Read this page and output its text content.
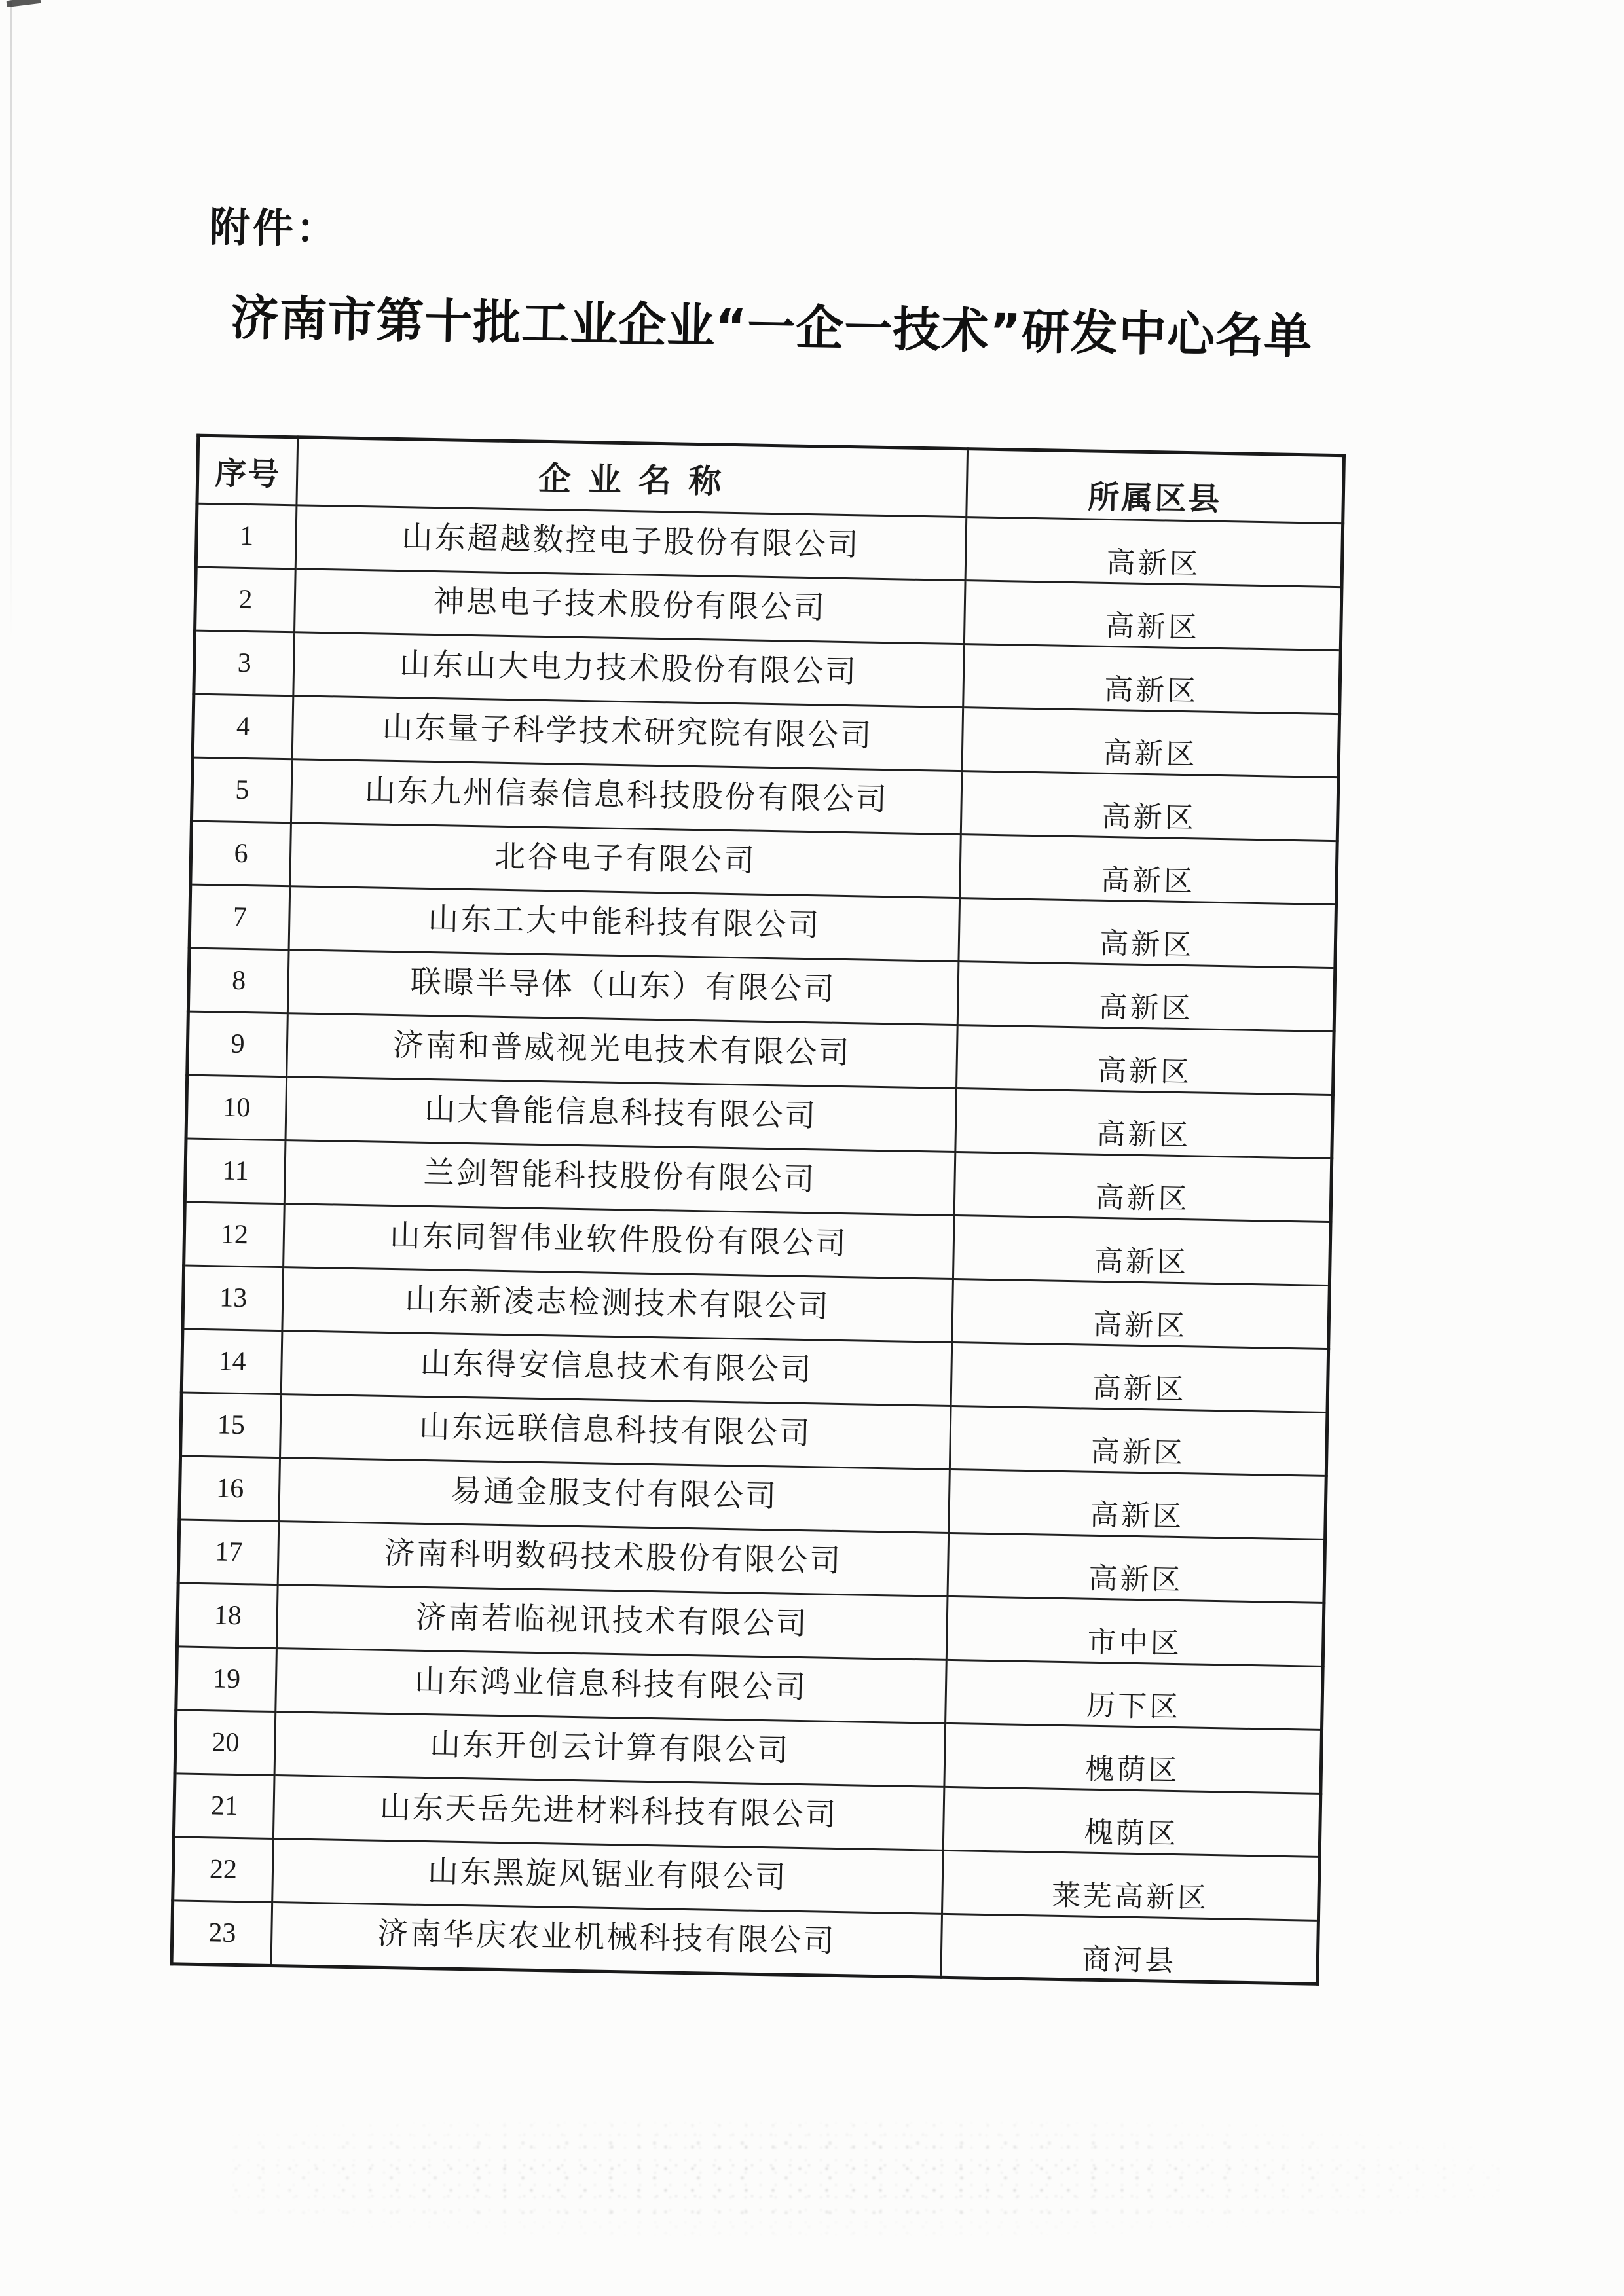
附件：
济南市第十批工业企业“一企一技术”研发中心名单
序号	企 业 名 称	所属区县
1	山东超越数控电子股份有限公司	高新区
2	神思电子技术股份有限公司	高新区
3	山东山大电力技术股份有限公司	高新区
4	山东量子科学技术研究院有限公司	高新区
5	山东九州信泰信息科技股份有限公司	高新区
6	北谷电子有限公司	高新区
7	山东工大中能科技有限公司	高新区
8	联暻半导体（山东）有限公司	高新区
9	济南和普威视光电技术有限公司	高新区
10	山大鲁能信息科技有限公司	高新区
11	兰剑智能科技股份有限公司	高新区
12	山东同智伟业软件股份有限公司	高新区
13	山东新凌志检测技术有限公司	高新区
14	山东得安信息技术有限公司	高新区
15	山东远联信息科技有限公司	高新区
16	易通金服支付有限公司	高新区
17	济南科明数码技术股份有限公司	高新区
18	济南若临视讯技术有限公司	市中区
19	山东鸿业信息科技有限公司	历下区
20	山东开创云计算有限公司	槐荫区
21	山东天岳先进材料科技有限公司	槐荫区
22	山东黑旋风锯业有限公司	莱芜高新区
23	济南华庆农业机械科技有限公司	商河县
